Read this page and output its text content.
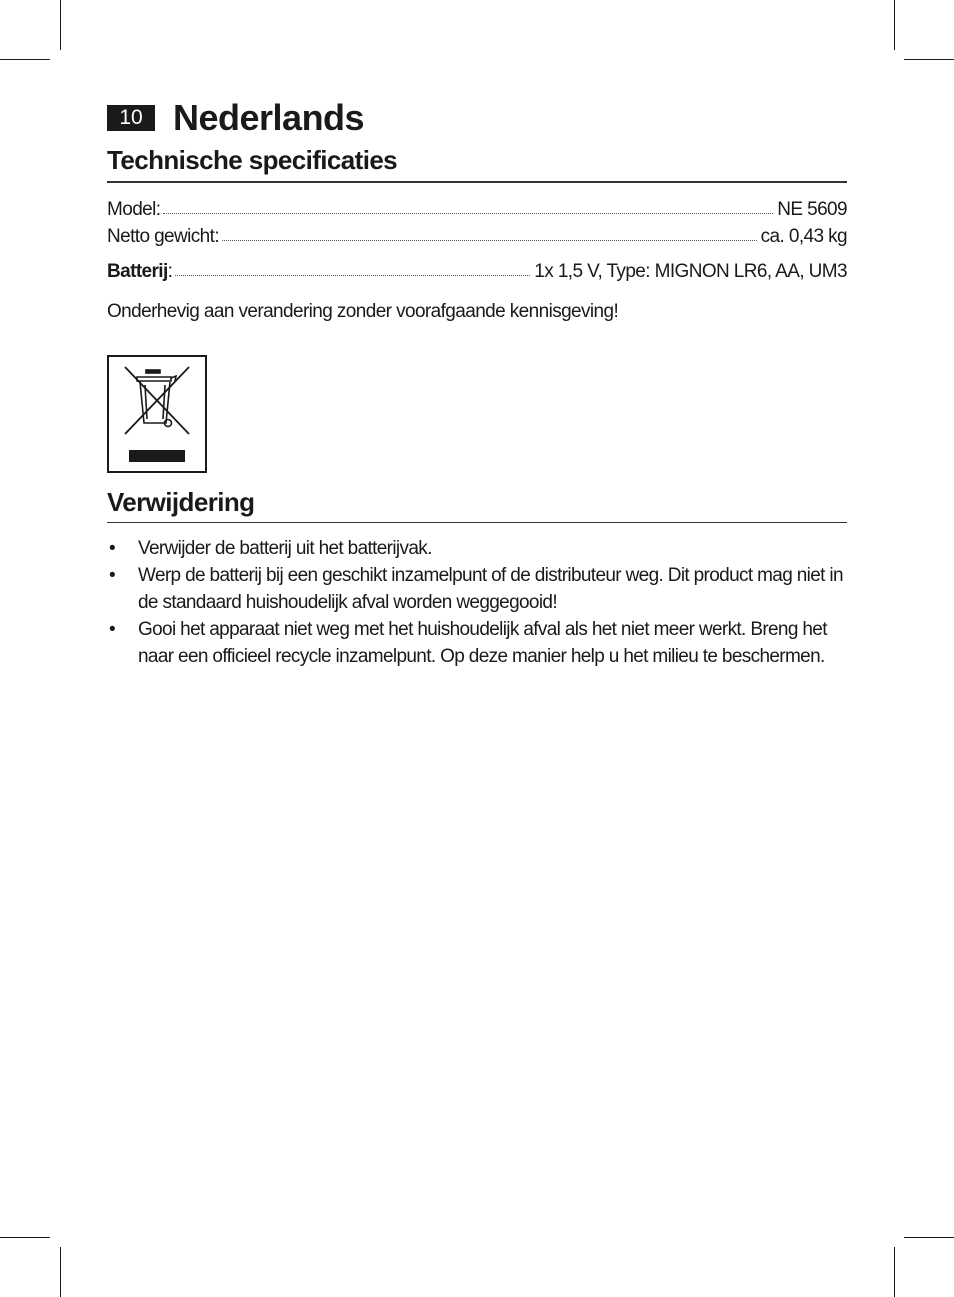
10 Nederlands
Technische specificaties
Model:	NE 5609
Netto gewicht:	ca. 0,43 kg
Batterij:	1x 1,5 V, Type: MIGNON LR6, AA, UM3
Onderhevig aan verandering zonder voorafgaande kennisgeving!
Verwijdering
• Verwijder de batterij uit het batterijvak.
• Werp de batterij bij een geschikt inzamelpunt of de distributeur weg. Dit product mag niet in de standaard huishoudelijk afval worden weggegooid!
• Gooi het apparaat niet weg met het huishoudelijk afval als het niet meer werkt. Breng het naar een officieel recycle inzamelpunt. Op deze manier help u het milieu te beschermen.
